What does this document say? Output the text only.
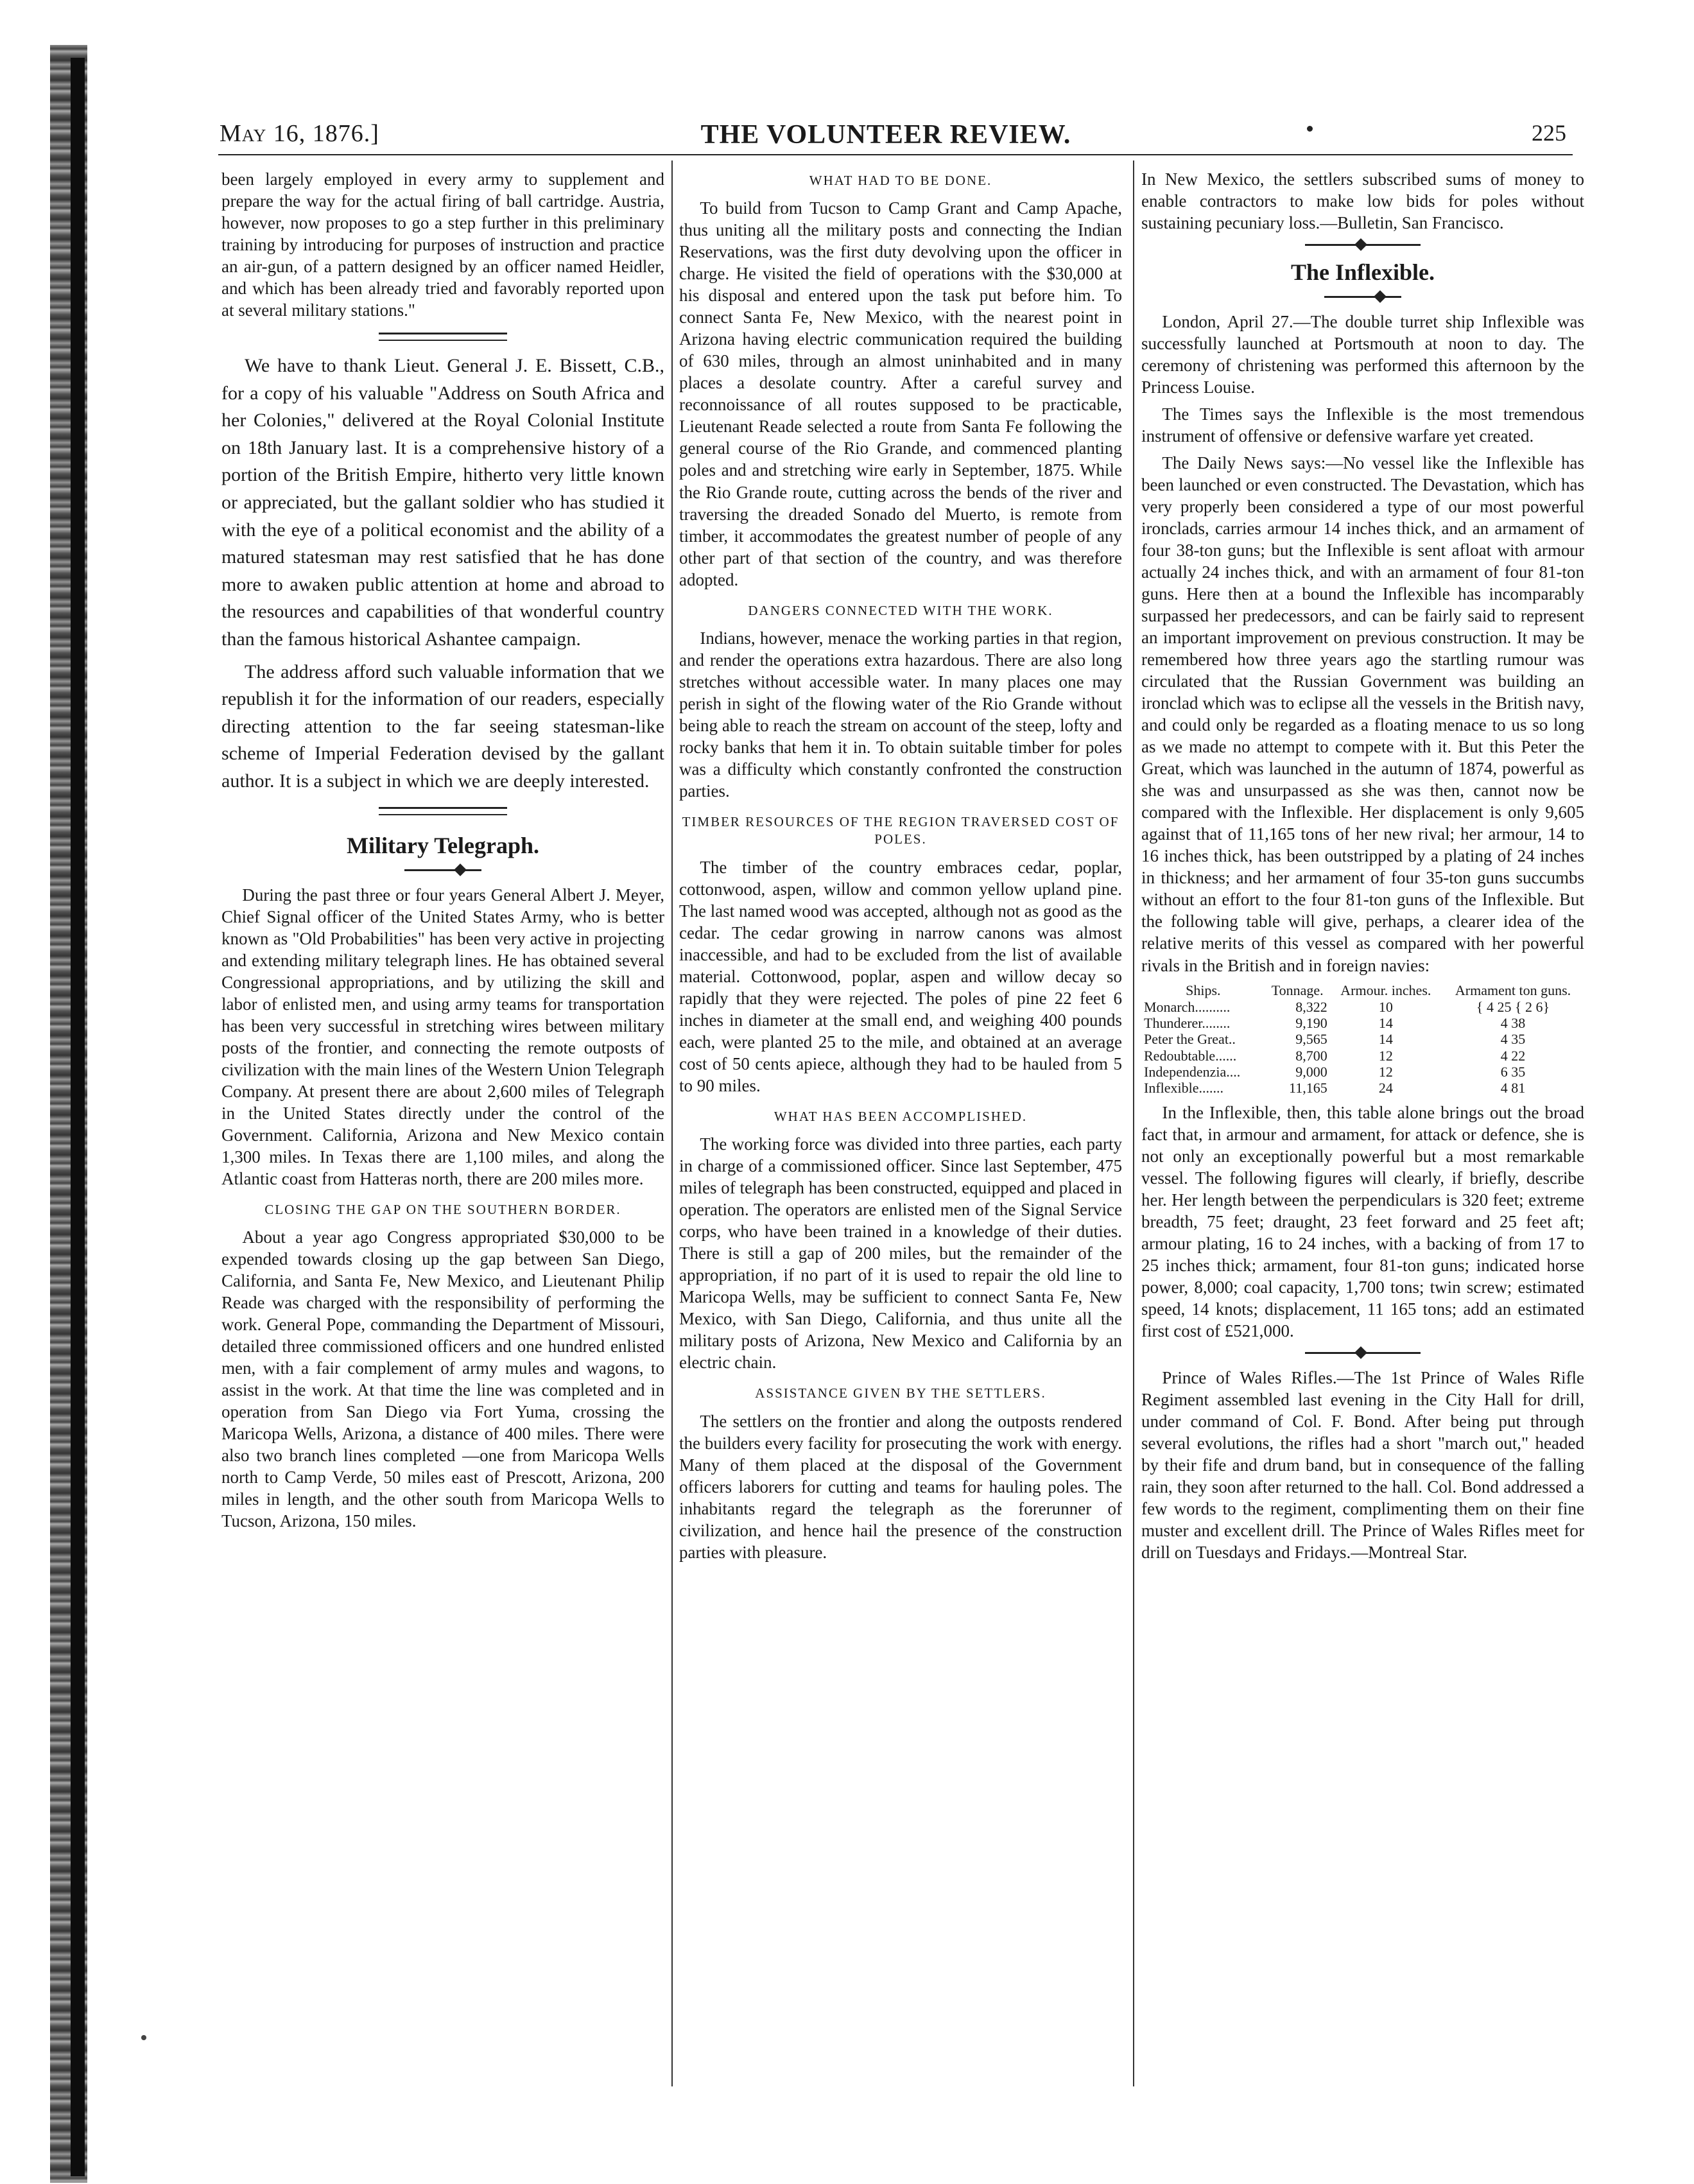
May 16, 1876.]	THE VOLUNTEER REVIEW.	225

been largely employed in every army to supplement and prepare the way for the actual firing of ball cartridge. Austria, however, now proposes to go a step further in this preliminary training by introducing for purposes of instruction and practice an air-gun, of a pattern designed by an officer named Heidler, and which has been already tried and favorably reported upon at several military stations."

We have to thank Lieut. General J. E. Bissett, C.B., for a copy of his valuable "Address on South Africa and her Colonies," delivered at the Royal Colonial Institute on 18th January last. It is a comprehensive history of a portion of the British Empire, hitherto very little known or appreciated, but the gallant soldier who has studied it with the eye of a political economist and the ability of a matured statesman may rest satisfied that he has done more to awaken public attention at home and abroad to the resources and capabilities of that wonderful country than the famous historical Ashantee campaign.

The address afford such valuable information that we republish it for the information of our readers, especially directing attention to the far seeing statesman-like scheme of Imperial Federation devised by the gallant author. It is a subject in which we are deeply interested.

Military Telegraph.

During the past three or four years General Albert J. Meyer, Chief Signal officer of the United States Army, who is better known as "Old Probabilities" has been very active in projecting and extending military telegraph lines. He has obtained several Congressional appropriations, and by utilizing the skill and labor of enlisted men, and using army teams for transportation has been very successful in stretching wires between military posts of the frontier, and connecting the remote outposts of civilization with the main lines of the Western Union Telegraph Company. At present there are about 2,600 miles of Telegraph in the United States directly under the control of the Government. California, Arizona and New Mexico contain 1,300 miles. In Texas there are 1,100 miles, and along the Atlantic coast from Hatteras north, there are 200 miles more.

CLOSING THE GAP ON THE SOUTHERN BORDER.

About a year ago Congress appropriated $30,000 to be expended towards closing up the gap between San Diego, California, and Santa Fe, New Mexico, and Lieutenant Philip Reade was charged with the responsibility of performing the work. General Pope, commanding the Department of Missouri, detailed three commissioned officers and one hundred enlisted men, with a fair complement of army mules and wagons, to assist in the work. At that time the line was completed and in operation from San Diego via Fort Yuma, crossing the Maricopa Wells, Arizona, a distance of 400 miles. There were also two branch lines completed —one from Maricopa Wells north to Camp Verde, 50 miles east of Prescott, Arizona, 200 miles in length, and the other south from Maricopa Wells to Tucson, Arizona, 150 miles.

WHAT HAD TO BE DONE.

To build from Tucson to Camp Grant and Camp Apache, thus uniting all the military posts and connecting the Indian Reservations, was the first duty devolving upon the officer in charge. He visited the field of operations with the $30,000 at his disposal and entered upon the task put before him. To connect Santa Fe, New Mexico, with the nearest point in Arizona having electric communication required the building of 630 miles, through an almost uninhabited and in many places a desolate country. After a careful survey and reconnoissance of all routes supposed to be practicable, Lieutenant Reade selected a route from Santa Fe following the general course of the Rio Grande, and commenced planting poles and and stretching wire early in September, 1875. While the Rio Grande route, cutting across the bends of the river and traversing the dreaded Sonado del Muerto, is remote from timber, it accommodates the greatest number of people of any other part of that section of the country, and was therefore adopted.

DANGERS CONNECTED WITH THE WORK.

Indians, however, menace the working parties in that region, and render the operations extra hazardous. There are also long stretches without accessible water. In many places one may perish in sight of the flowing water of the Rio Grande without being able to reach the stream on account of the steep, lofty and rocky banks that hem it in. To obtain suitable timber for poles was a difficulty which constantly confronted the construction parties.

TIMBER RESOURCES OF THE REGION TRAVERSED COST OF POLES.

The timber of the country embraces cedar, poplar, cottonwood, aspen, willow and common yellow upland pine. The last named wood was accepted, although not as good as the cedar. The cedar growing in narrow canons was almost inaccessible, and had to be excluded from the list of available material. Cottonwood, poplar, aspen and willow decay so rapidly that they were rejected. The poles of pine 22 feet 6 inches in diameter at the small end, and weighing 400 pounds each, were planted 25 to the mile, and obtained at an average cost of 50 cents apiece, although they had to be hauled from 5 to 90 miles.

WHAT HAS BEEN ACCOMPLISHED.

The working force was divided into three parties, each party in charge of a commissioned officer. Since last September, 475 miles of telegraph has been constructed, equipped and placed in operation. The operators are enlisted men of the Signal Service corps, who have been trained in a knowledge of their duties. There is still a gap of 200 miles, but the remainder of the appropriation, if no part of it is used to repair the old line to Maricopa Wells, may be sufficient to connect Santa Fe, New Mexico, with San Diego, California, and thus unite all the military posts of Arizona, New Mexico and California by an electric chain.

ASSISTANCE GIVEN BY THE SETTLERS.

The settlers on the frontier and along the outposts rendered the builders every facility for prosecuting the work with energy. Many of them placed at the disposal of the Government officers laborers for cutting and teams for hauling poles. The inhabitants regard the telegraph as the forerunner of civilization, and hence hail the presence of the construction parties with pleasure.

In New Mexico, the settlers subscribed sums of money to enable contractors to make low bids for poles without sustaining pecuniary loss.—Bulletin, San Francisco.

The Inflexible.

London, April 27.—The double turret ship Inflexible was successfully launched at Portsmouth at noon to day. The ceremony of christening was performed this afternoon by the Princess Louise.

The Times says the Inflexible is the most tremendous instrument of offensive or defensive warfare yet created.

The Daily News says:—No vessel like the Inflexible has been launched or even constructed. The Devastation, which has very properly been considered a type of our most powerful ironclads, carries armour 14 inches thick, and an armament of four 38-ton guns; but the Inflexible is sent afloat with armour actually 24 inches thick, and with an armament of four 81-ton guns. Here then at a bound the Inflexible has incomparably surpassed her predecessors, and can be fairly said to represent an important improvement on previous construction. It may be remembered how three years ago the startling rumour was circulated that the Russian Government was building an ironclad which was to eclipse all the vessels in the British navy, and could only be regarded as a floating menace to us so long as we made no attempt to compete with it. But this Peter the Great, which was launched in the autumn of 1874, powerful as she was and unsurpassed as she was then, cannot now be compared with the Inflexible. Her displacement is only 9,605 against that of 11,165 tons of her new rival; her armour, 14 to 16 inches thick, has been outstripped by a plating of 24 inches in thickness; and her armament of four 35-ton guns succumbs without an effort to the four 81-ton guns of the Inflexible. But the following table will give, perhaps, a clearer idea of the relative merits of this vessel as compared with her powerful rivals in the British and in foreign navies:

Ships.	Tonnage.	Armour. inches.	Armament ton guns.
Monarch..........	8,322	10	{ 4 25 { 2 6}
Thunderer........	9,190	14	4 38
Peter the Great..	9,565	14	4 35
Redoubtable......	8,700	12	4 22
Independenzia....	9,000	12	6 35
Inflexible.......	11,165	24	4 81

In the Inflexible, then, this table alone brings out the broad fact that, in armour and armament, for attack or defence, she is not only an exceptionally powerful but a most remarkable vessel. The following figures will clearly, if briefly, describe her. Her length between the perpendiculars is 320 feet; extreme breadth, 75 feet; draught, 23 feet forward and 25 feet aft; armour plating, 16 to 24 inches, with a backing of from 17 to 25 inches thick; armament, four 81-ton guns; indicated horse power, 8,000; coal capacity, 1,700 tons; twin screw; estimated speed, 14 knots; displacement, 11 165 tons; add an estimated first cost of £521,000.

Prince of Wales Rifles.—The 1st Prince of Wales Rifle Regiment assembled last evening in the City Hall for drill, under command of Col. F. Bond. After being put through several evolutions, the rifles had a short "march out," headed by their fife and drum band, but in consequence of the falling rain, they soon after returned to the hall. Col. Bond addressed a few words to the regiment, complimenting them on their fine muster and excellent drill. The Prince of Wales Rifles meet for drill on Tuesdays and Fridays.—Montreal Star.
